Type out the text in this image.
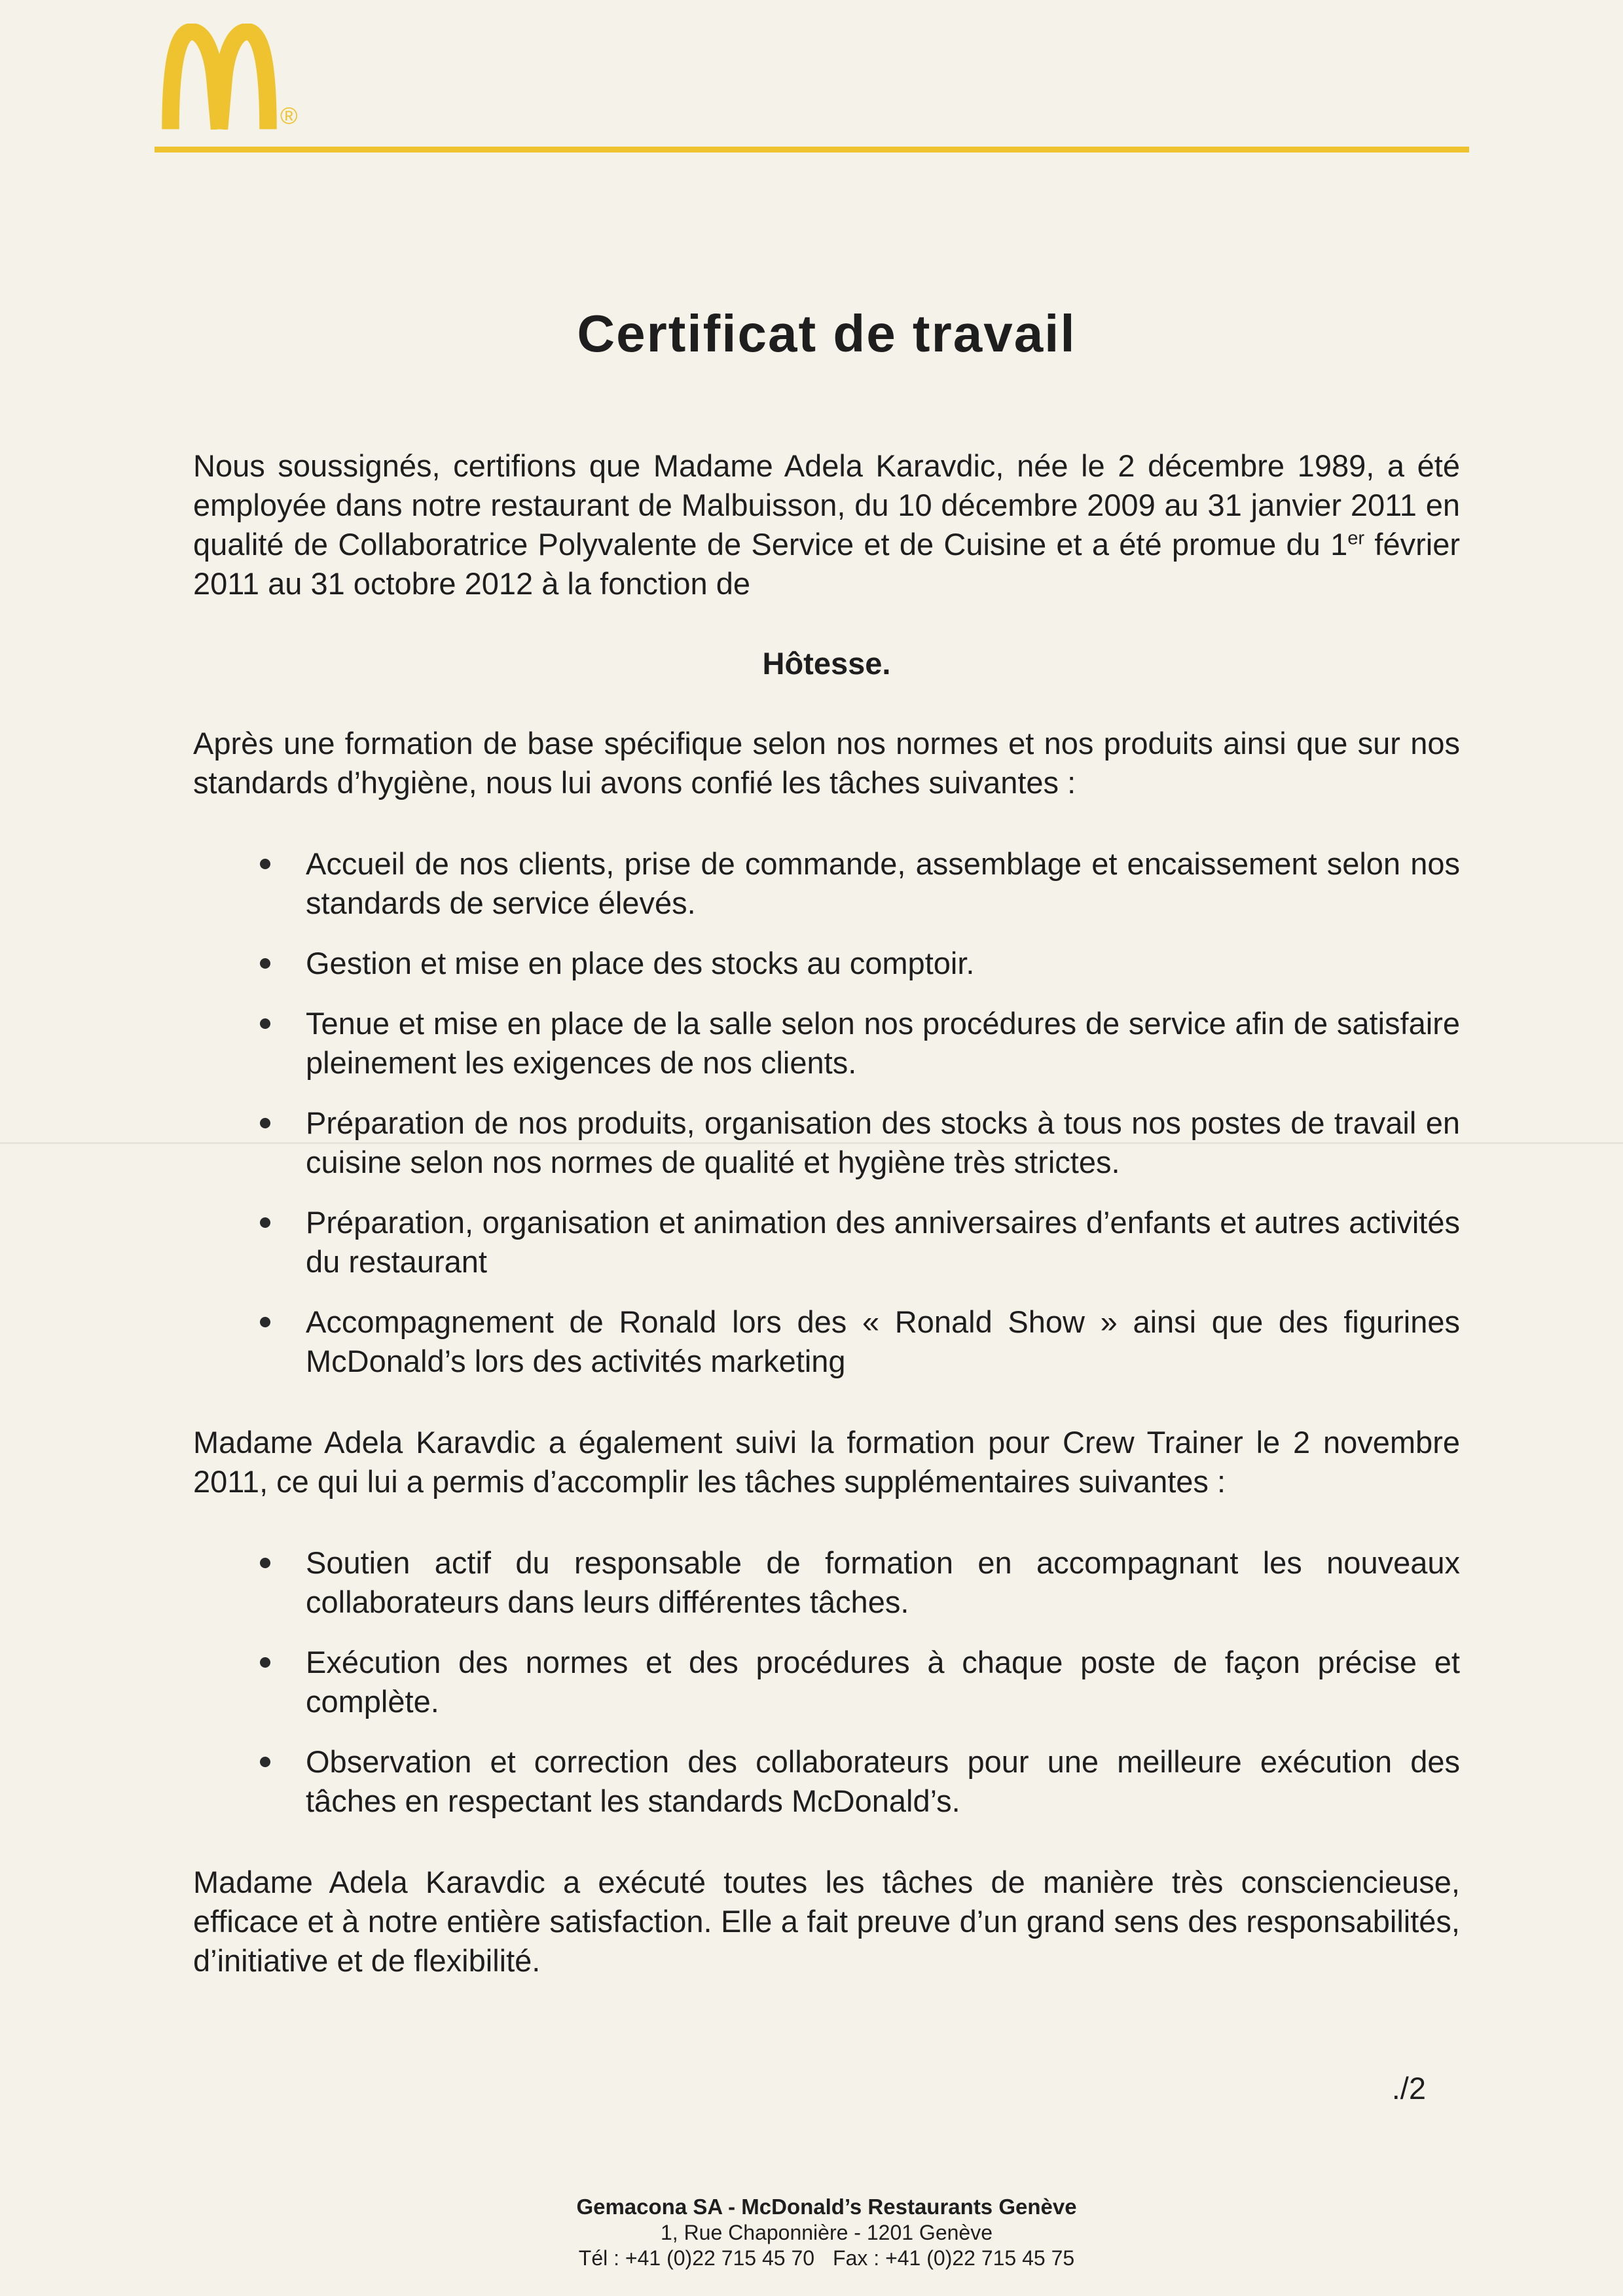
®
Certificat de travail

Nous soussignés, certifions que Madame Adela Karavdic, née le 2 décembre 1989, a été employée dans notre restaurant de Malbuisson, du 10 décembre 2009 au 31 janvier 2011 en qualité de Collaboratrice Polyvalente de Service et de Cuisine et a été promue du 1er février 2011 au 31 octobre 2012 à la fonction de

Hôtesse.

Après une formation de base spécifique selon nos normes et nos produits ainsi que sur nos standards d’hygiène, nous lui avons confié les tâches suivantes :

Accueil de nos clients, prise de commande, assemblage et encaissement selon nos standards de service élevés.
Gestion et mise en place des stocks au comptoir.
Tenue et mise en place de la salle selon nos procédures de service afin de satisfaire pleinement les exigences de nos clients.
Préparation de nos produits, organisation des stocks à tous nos postes de travail en cuisine selon nos normes de qualité et hygiène très strictes.
Préparation, organisation et animation des anniversaires d’enfants et autres activités du restaurant
Accompagnement de Ronald lors des « Ronald Show » ainsi que des figurines McDonald’s lors des activités marketing

Madame Adela Karavdic a également suivi la formation pour Crew Trainer le 2 novembre 2011, ce qui lui a permis d’accomplir les tâches supplémentaires suivantes :

Soutien actif du responsable de formation en accompagnant les nouveaux collaborateurs dans leurs différentes tâches.
Exécution des normes et des procédures à chaque poste de façon précise et complète.
Observation et correction des collaborateurs pour une meilleure exécution des tâches en respectant les standards McDonald’s.

Madame Adela Karavdic a exécuté toutes les tâches de manière très consciencieuse, efficace et à notre entière satisfaction. Elle a fait preuve d’un grand sens des responsabilités, d’initiative et de flexibilité.

./2
Gemacona SA - McDonald’s Restaurants Genève
1, Rue Chaponnière - 1201 Genève
Tél : +41 (0)22 715 45 70 Fax : +41 (0)22 715 45 75
